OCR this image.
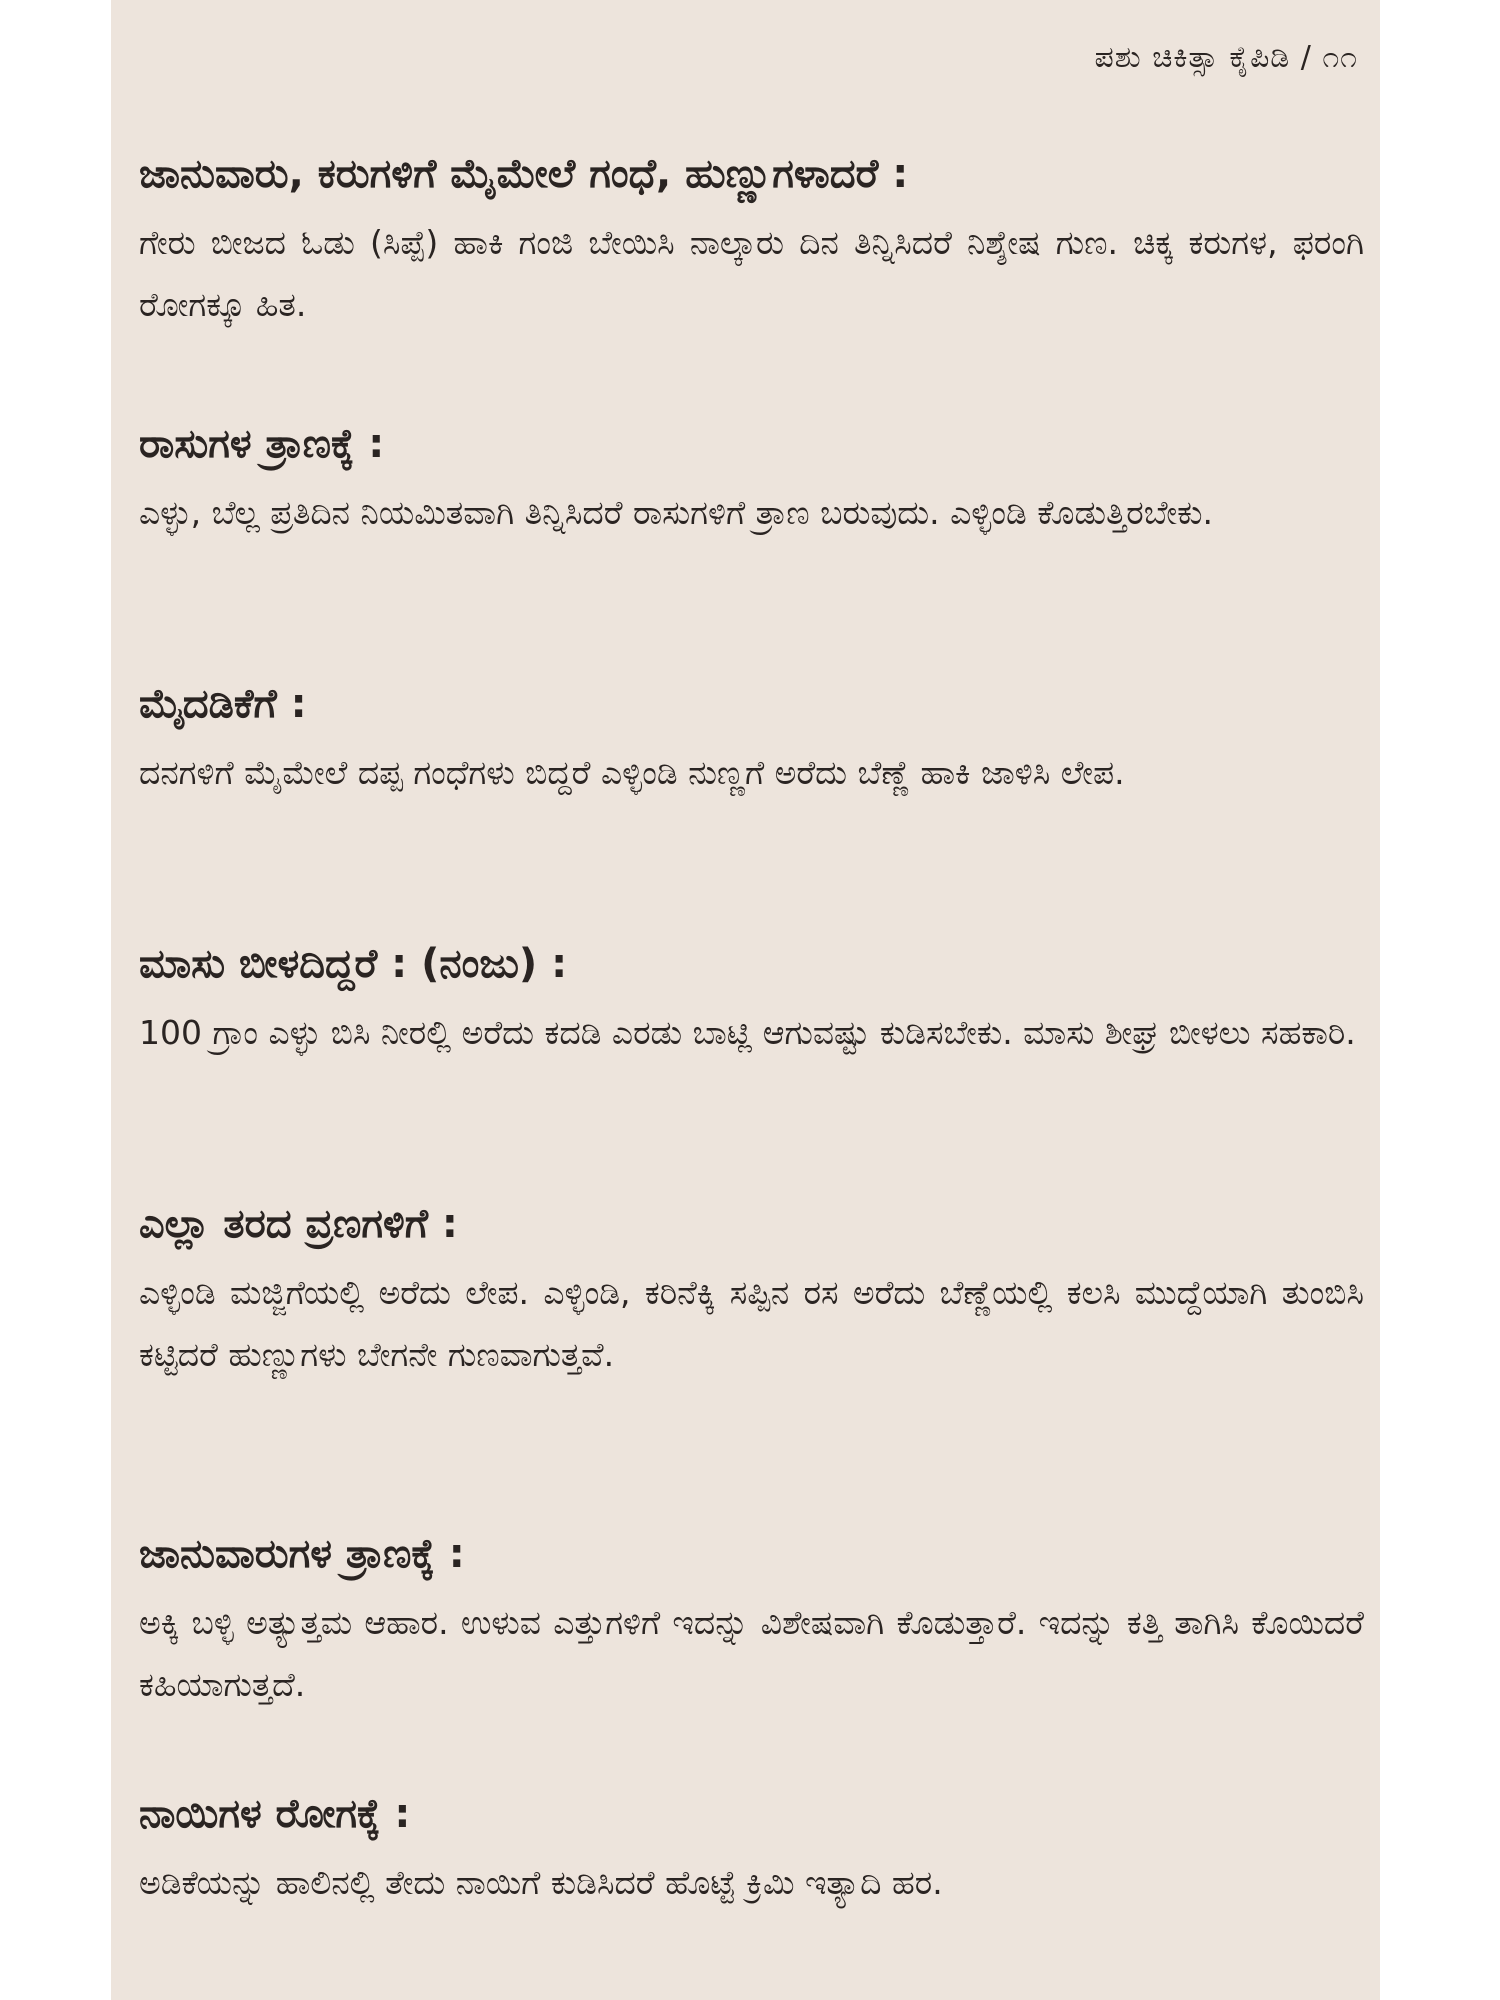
ಪಶು ಚಿಕಿತ್ಸಾ ಕೈಪಿಡಿ / ೧೧
ಜಾನುವಾರು, ಕರುಗಳಿಗೆ ಮೈಮೇಲೆ ಗಂಧೆ, ಹುಣ್ಣುಗಳಾದರೆ :

ಗೇರು ಬೀಜದ ಓಡು (ಸಿಪ್ಪೆ) ಹಾಕಿ ಗಂಜಿ ಬೇಯಿಸಿ ನಾಲ್ಕಾರು ದಿನ ತಿನ್ನಿಸಿದರೆ ನಿಶ್ಶೇಷ ಗುಣ. ಚಿಕ್ಕ ಕರುಗಳ, ಫರಂಗಿ ರೋಗಕ್ಕೂ ಹಿತ.

ರಾಸುಗಳ ತ್ರಾಣಕ್ಕೆ :

ಎಳ್ಳು, ಬೆಲ್ಲ ಪ್ರತಿದಿನ ನಿಯಮಿತವಾಗಿ ತಿನ್ನಿಸಿದರೆ ರಾಸುಗಳಿಗೆ ತ್ರಾಣ ಬರುವುದು. ಎಳ್ಳಿಂಡಿ ಕೊಡುತ್ತಿರಬೇಕು.

ಮೈದಡಿಕೆಗೆ :

ದನಗಳಿಗೆ ಮೈಮೇಲೆ ದಪ್ಪ ಗಂಧೆಗಳು ಬಿದ್ದರೆ ಎಳ್ಳಿಂಡಿ ನುಣ್ಣಗೆ ಅರೆದು ಬೆಣ್ಣೆ ಹಾಕಿ ಜಾಳಿಸಿ ಲೇಪ.

ಮಾಸು ಬೀಳದಿದ್ದರೆ : (ನಂಜು) :

100 ಗ್ರಾಂ ಎಳ್ಳು ಬಿಸಿ ನೀರಲ್ಲಿ ಅರೆದು ಕದಡಿ ಎರಡು ಬಾಟ್ಲಿ ಆಗುವಷ್ಟು ಕುಡಿಸಬೇಕು. ಮಾಸು ಶೀಘ್ರ ಬೀಳಲು ಸಹಕಾರಿ.

ಎಲ್ಲಾ ತರದ ವ್ರಣಗಳಿಗೆ :

ಎಳ್ಳಿಂಡಿ ಮಜ್ಜಿಗೆಯಲ್ಲಿ ಅರೆದು ಲೇಪ. ಎಳ್ಳಿಂಡಿ, ಕರಿನೆಕ್ಕಿ ಸಪ್ಪಿನ ರಸ ಅರೆದು ಬೆಣ್ಣೆಯಲ್ಲಿ ಕಲಸಿ ಮುದ್ದೆಯಾಗಿ ತುಂಬಿಸಿ ಕಟ್ಟಿದರೆ ಹುಣ್ಣುಗಳು ಬೇಗನೇ ಗುಣವಾಗುತ್ತವೆ.

ಜಾನುವಾರುಗಳ ತ್ರಾಣಕ್ಕೆ :

ಅಕ್ಕಿ ಬಳ್ಳಿ ಅತ್ಯುತ್ತಮ ಆಹಾರ. ಉಳುವ ಎತ್ತುಗಳಿಗೆ ಇದನ್ನು ವಿಶೇಷವಾಗಿ ಕೊಡುತ್ತಾರೆ. ಇದನ್ನು ಕತ್ತಿ ತಾಗಿಸಿ ಕೊಯಿದರೆ ಕಹಿಯಾಗುತ್ತದೆ.

ನಾಯಿಗಳ ರೋಗಕ್ಕೆ :

ಅಡಿಕೆಯನ್ನು ಹಾಲಿನಲ್ಲಿ ತೇದು ನಾಯಿಗೆ ಕುಡಿಸಿದರೆ ಹೊಟ್ಟೆ ಕ್ರಿಮಿ ಇತ್ಯಾದಿ ಹರ.
